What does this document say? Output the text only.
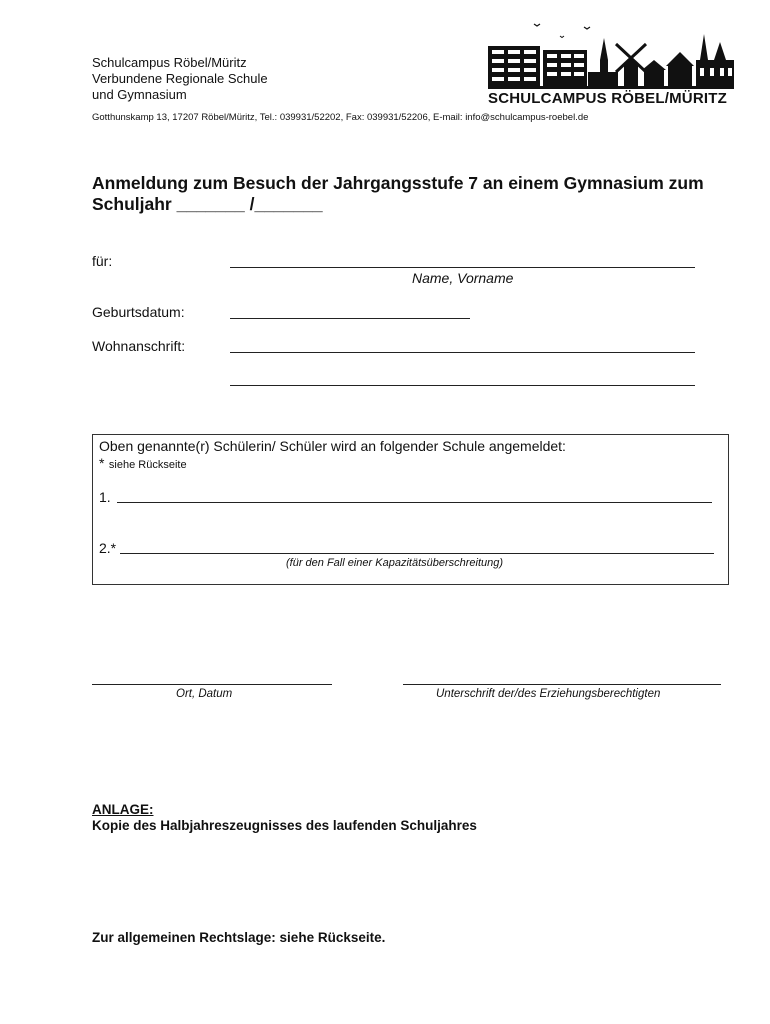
Schulcampus Röbel/Müritz
Verbundene Regionale Schule
und Gymnasium	SCHULCAMPUS RÖBEL/MÜRITZ
Gotthunskamp 13, 17207 Röbel/Müritz, Tel.: 039931/52202, Fax: 039931/52206, E-mail: info@schulcampus-roebel.de
Anmeldung zum Besuch der Jahrgangsstufe 7 an einem Gymnasium zum
Schuljahr _______ /_______
für:
Name, Vorname
Geburtsdatum:
Wohnanschrift:
Oben genannte(r) Schülerin/ Schüler wird an folgender Schule angemeldet:
* siehe Rückseite
1.
2.*
(für den Fall einer Kapazitätsüberschreitung)
Ort, Datum	Unterschrift der/des Erziehungsberechtigten
ANLAGE:
Kopie des Halbjahreszeugnisses des laufenden Schuljahres
Zur allgemeinen Rechtslage: siehe Rückseite.
